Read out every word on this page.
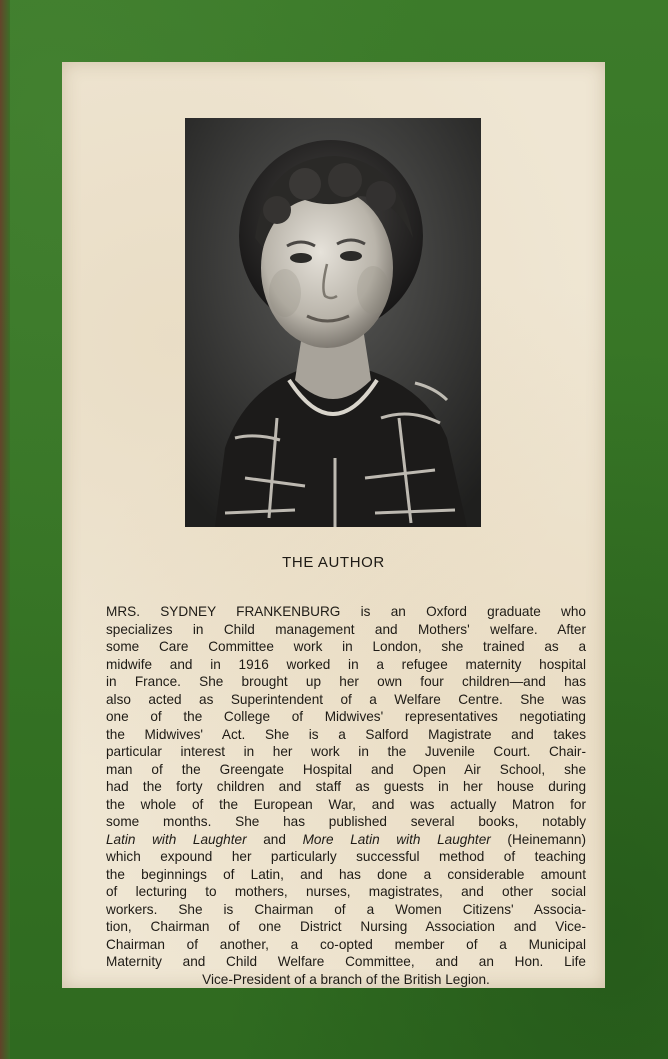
THE AUTHOR
MRS. SYDNEY FRANKENBURG is an Oxford graduate who
specializes in Child management and Mothers' welfare. After
some Care Committee work in London, she trained as a
midwife and in 1916 worked in a refugee maternity hospital
in France. She brought up her own four children—and has
also acted as Superintendent of a Welfare Centre. She was
one of the College of Midwives' representatives negotiating
the Midwives' Act. She is a Salford Magistrate and takes
particular interest in her work in the Juvenile Court. Chair-
man of the Greengate Hospital and Open Air School, she
had the forty children and staff as guests in her house during
the whole of the European War, and was actually Matron for
some months. She has published several books, notably
Latin with Laughter and More Latin with Laughter (Heinemann)
which expound her particularly successful method of teaching
the beginnings of Latin, and has done a considerable amount
of lecturing to mothers, nurses, magistrates, and other social
workers. She is Chairman of a Women Citizens' Associa-
tion, Chairman of one District Nursing Association and Vice-
Chairman of another, a co-opted member of a Municipal
Maternity and Child Welfare Committee, and an Hon. Life
Vice-President of a branch of the British Legion.
